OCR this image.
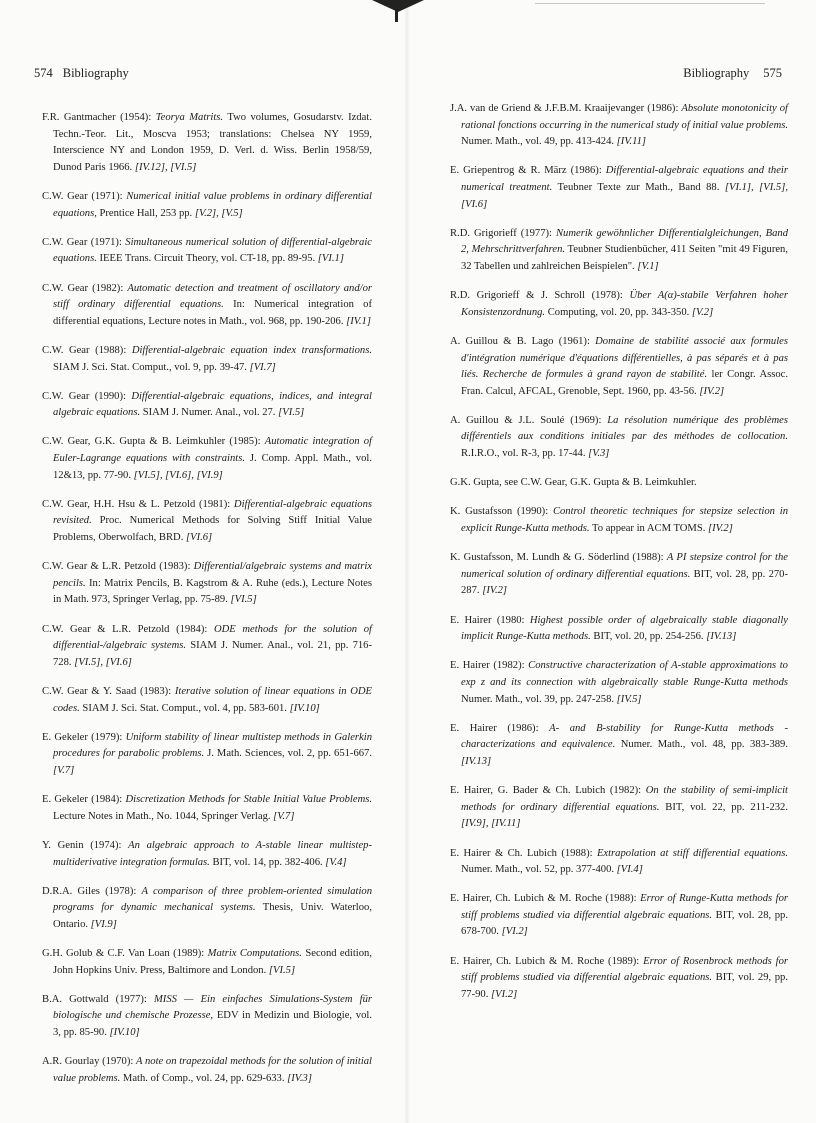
574 Bibliography

F.R. Gantmacher (1954): Teorya Matrits. Two volumes, Gosudarstv. Izdat. Techn.-Teor. Lit., Moscva 1953; translations: Chelsea NY 1959, Interscience NY and London 1959, D. Verl. d. Wiss. Berlin 1958/59, Dunod Paris 1966. [IV.12], [VI.5]

C.W. Gear (1971): Numerical initial value problems in ordinary differential equations, Prentice Hall, 253 pp. [V.2], [V.5]

C.W. Gear (1971): Simultaneous numerical solution of differential-algebraic equations. IEEE Trans. Circuit Theory, vol. CT-18, pp. 89-95. [VI.1]

C.W. Gear (1982): Automatic detection and treatment of oscillatory and/or stiff ordinary differential equations. In: Numerical integration of differential equations, Lecture notes in Math., vol. 968, pp. 190-206. [IV.1]

C.W. Gear (1988): Differential-algebraic equation index transformations. SIAM J. Sci. Stat. Comput., vol. 9, pp. 39-47. [VI.7]

C.W. Gear (1990): Differential-algebraic equations, indices, and integral algebraic equations. SIAM J. Numer. Anal., vol. 27. [VI.5]

C.W. Gear, G.K. Gupta & B. Leimkuhler (1985): Automatic integration of Euler-Lagrange equations with constraints. J. Comp. Appl. Math., vol. 12&13, pp. 77-90. [VI.5], [VI.6], [VI.9]

C.W. Gear, H.H. Hsu & L. Petzold (1981): Differential-algebraic equations revisited. Proc. Numerical Methods for Solving Stiff Initial Value Problems, Oberwolfach, BRD. [VI.6]

C.W. Gear & L.R. Petzold (1983): Differential/algebraic systems and matrix pencils. In: Matrix Pencils, B. Kagstrom & A. Ruhe (eds.), Lecture Notes in Math. 973, Springer Verlag, pp. 75-89. [VI.5]

C.W. Gear & L.R. Petzold (1984): ODE methods for the solution of differential-/algebraic systems. SIAM J. Numer. Anal., vol. 21, pp. 716-728. [VI.5], [VI.6]

C.W. Gear & Y. Saad (1983): Iterative solution of linear equations in ODE codes. SIAM J. Sci. Stat. Comput., vol. 4, pp. 583-601. [IV.10]

E. Gekeler (1979): Uniform stability of linear multistep methods in Galerkin procedures for parabolic problems. J. Math. Sciences, vol. 2, pp. 651-667. [V.7]

E. Gekeler (1984): Discretization Methods for Stable Initial Value Problems. Lecture Notes in Math., No. 1044, Springer Verlag. [V.7]

Y. Genin (1974): An algebraic approach to A-stable linear multistep-multiderivative integration formulas. BIT, vol. 14, pp. 382-406. [V.4]

D.R.A. Giles (1978): A comparison of three problem-oriented simulation programs for dynamic mechanical systems. Thesis, Univ. Waterloo, Ontario. [VI.9]

G.H. Golub & C.F. Van Loan (1989): Matrix Computations. Second edition, John Hopkins Univ. Press, Baltimore and London. [VI.5]

B.A. Gottwald (1977): MISS — Ein einfaches Simulations-System für biologische und chemische Prozesse, EDV in Medizin und Biologie, vol. 3, pp. 85-90. [IV.10]

A.R. Gourlay (1970): A note on trapezoidal methods for the solution of initial value problems. Math. of Comp., vol. 24, pp. 629-633. [IV.3]

Bibliography 575

J.A. van de Griend & J.F.B.M. Kraaijevanger (1986): Absolute monotonicity of rational fonctions occurring in the numerical study of initial value problems. Numer. Math., vol. 49, pp. 413-424. [IV.11]

E. Griepentrog & R. März (1986): Differential-algebraic equations and their numerical treatment. Teubner Texte zur Math., Band 88. [VI.1], [VI.5], [VI.6]

R.D. Grigorieff (1977): Numerik gewöhnlicher Differentialgleichungen, Band 2, Mehrschrittverfahren. Teubner Studienbücher, 411 Seiten "mit 49 Figuren, 32 Tabellen und zahlreichen Beispielen". [V.1]

R.D. Grigorieff & J. Schroll (1978): Über A(α)-stabile Verfahren hoher Konsistenzordnung. Computing, vol. 20, pp. 343-350. [V.2]

A. Guillou & B. Lago (1961): Domaine de stabilité associé aux formules d'intégration numérique d'équations différentielles, à pas séparés et à pas liés. Recherche de formules à grand rayon de stabilité. ler Congr. Assoc. Fran. Calcul, AFCAL, Grenoble, Sept. 1960, pp. 43-56. [IV.2]

A. Guillou & J.L. Soulé (1969): La résolution numérique des problèmes différentiels aux conditions initiales par des méthodes de collocation. R.I.R.O., vol. R-3, pp. 17-44. [V.3]

G.K. Gupta, see C.W. Gear, G.K. Gupta & B. Leimkuhler.

K. Gustafsson (1990): Control theoretic techniques for stepsize selection in explicit Runge-Kutta methods. To appear in ACM TOMS. [IV.2]

K. Gustafsson, M. Lundh & G. Söderlind (1988): A PI stepsize control for the numerical solution of ordinary differential equations. BIT, vol. 28, pp. 270-287. [IV.2]

E. Hairer (1980: Highest possible order of algebraically stable diagonally implicit Runge-Kutta methods. BIT, vol. 20, pp. 254-256. [IV.13]

E. Hairer (1982): Constructive characterization of A-stable approximations to exp z and its connection with algebraically stable Runge-Kutta methods Numer. Math., vol. 39, pp. 247-258. [IV.5]

E. Hairer (1986): A- and B-stability for Runge-Kutta methods - characterizations and equivalence. Numer. Math., vol. 48, pp. 383-389. [IV.13]

E. Hairer, G. Bader & Ch. Lubich (1982): On the stability of semi-implicit methods for ordinary differential equations. BIT, vol. 22, pp. 211-232. [IV.9], [IV.11]

E. Hairer & Ch. Lubich (1988): Extrapolation at stiff differential equations. Numer. Math., vol. 52, pp. 377-400. [VI.4]

E. Hairer, Ch. Lubich & M. Roche (1988): Error of Runge-Kutta methods for stiff problems studied via differential algebraic equations. BIT, vol. 28, pp. 678-700. [VI.2]

E. Hairer, Ch. Lubich & M. Roche (1989): Error of Rosenbrock methods for stiff problems studied via differential algebraic equations. BIT, vol. 29, pp. 77-90. [VI.2]
